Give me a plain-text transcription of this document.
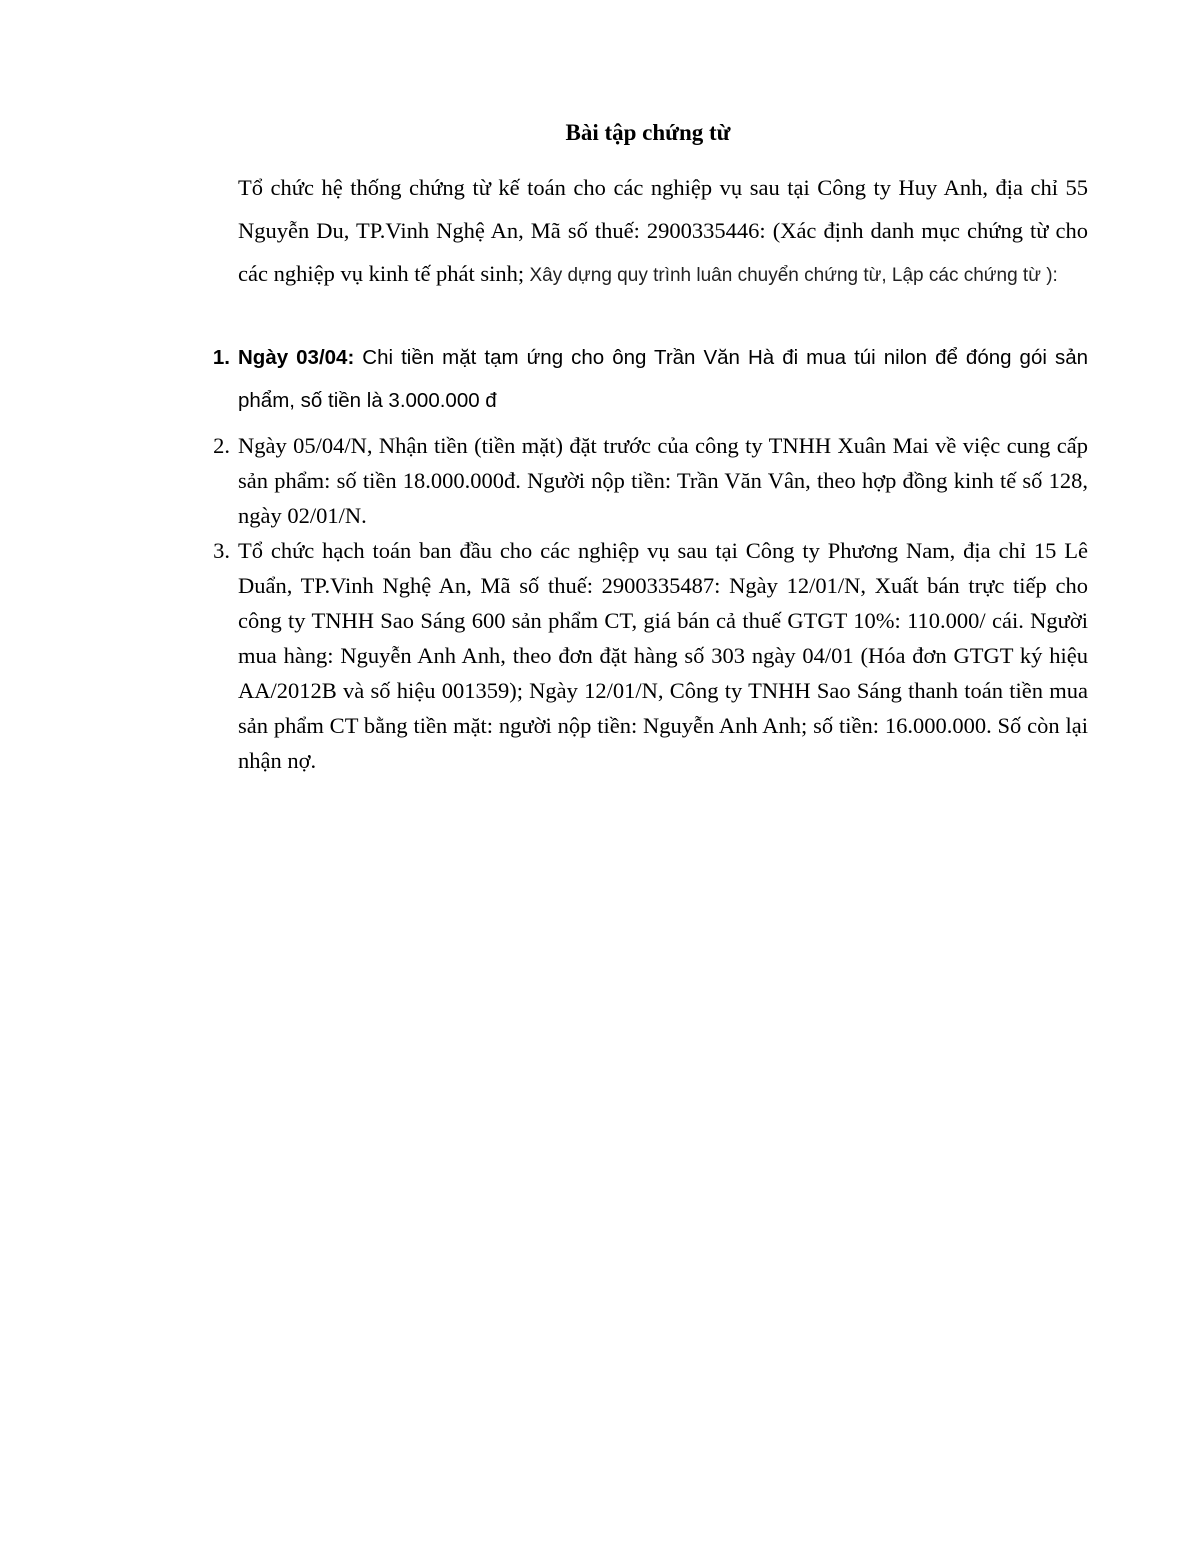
Bài tập chứng từ
Tổ chức hệ thống chứng từ kế toán cho các nghiệp vụ sau tại Công ty Huy Anh, địa chỉ 55 Nguyễn Du, TP.Vinh Nghệ An, Mã số thuế: 2900335446: (Xác định danh mục chứng từ cho các nghiệp vụ kinh tế phát sinh; Xây dựng quy trình luân chuyển chứng từ, Lập các chứng từ ):
1. Ngày 03/04: Chi tiền mặt tạm ứng cho ông Trần Văn Hà đi mua túi nilon để đóng gói sản phẩm, số tiền là 3.000.000 đ
2. Ngày 05/04/N, Nhận tiền (tiền mặt) đặt trước của công ty TNHH Xuân Mai về việc cung cấp sản phẩm: số tiền 18.000.000đ. Người nộp tiền: Trần Văn Vân, theo hợp đồng kinh tế số 128, ngày 02/01/N.
3. Tổ chức hạch toán ban đầu cho các nghiệp vụ sau tại Công ty Phương Nam, địa chỉ 15 Lê Duẩn, TP.Vinh Nghệ An, Mã số thuế: 2900335487: Ngày 12/01/N, Xuất bán trực tiếp cho công ty TNHH Sao Sáng 600 sản phẩm CT, giá bán cả thuế GTGT 10%: 110.000/ cái. Người mua hàng: Nguyễn Anh Anh, theo đơn đặt hàng số 303 ngày 04/01 (Hóa đơn GTGT ký hiệu AA/2012B và số hiệu 001359); Ngày 12/01/N, Công ty TNHH Sao Sáng thanh toán tiền mua sản phẩm CT bằng tiền mặt: người nộp tiền: Nguyễn Anh Anh; số tiền: 16.000.000. Số còn lại nhận nợ.
